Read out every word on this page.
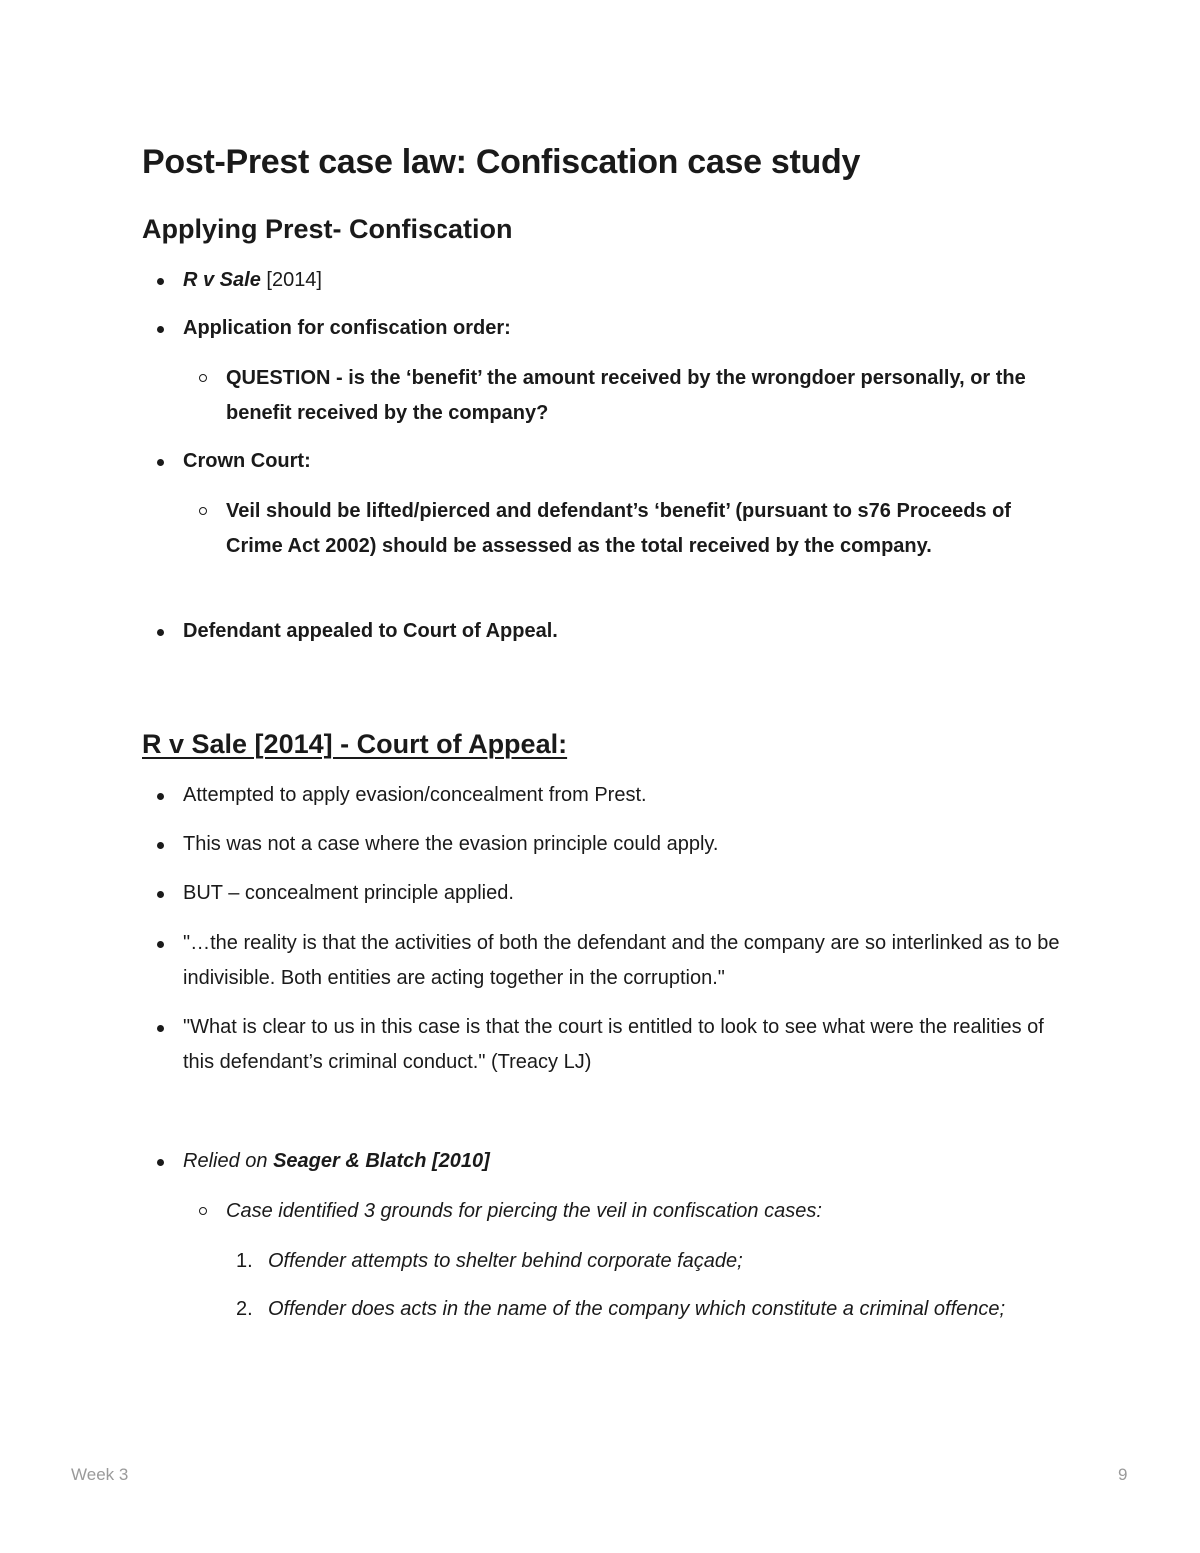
Post-Prest case law: Confiscation case study
Applying Prest- Confiscation
R v Sale [2014]
Application for confiscation order:
QUESTION - is the ‘benefit’ the amount received by the wrongdoer personally, or the benefit received by the company?
Crown Court:
Veil should be lifted/pierced and defendant’s ‘benefit’ (pursuant to s76 Proceeds of Crime Act 2002) should be assessed as the total received by the company.
Defendant appealed to Court of Appeal.
R v Sale [2014] - Court of Appeal:
Attempted to apply evasion/concealment from Prest.
This was not a case where the evasion principle could apply.
BUT – concealment principle applied.
"…the reality is that the activities of both the defendant and the company are so interlinked as to be indivisible. Both entities are acting together in the corruption."
"What is clear to us in this case is that the court is entitled to look to see what were the realities of this defendant’s criminal conduct." (Treacy LJ)
Relied on Seager & Blatch [2010]
Case identified 3 grounds for piercing the veil in confiscation cases:
1. Offender attempts to shelter behind corporate façade;
2. Offender does acts in the name of the company which constitute a criminal offence;
Week 3	9
